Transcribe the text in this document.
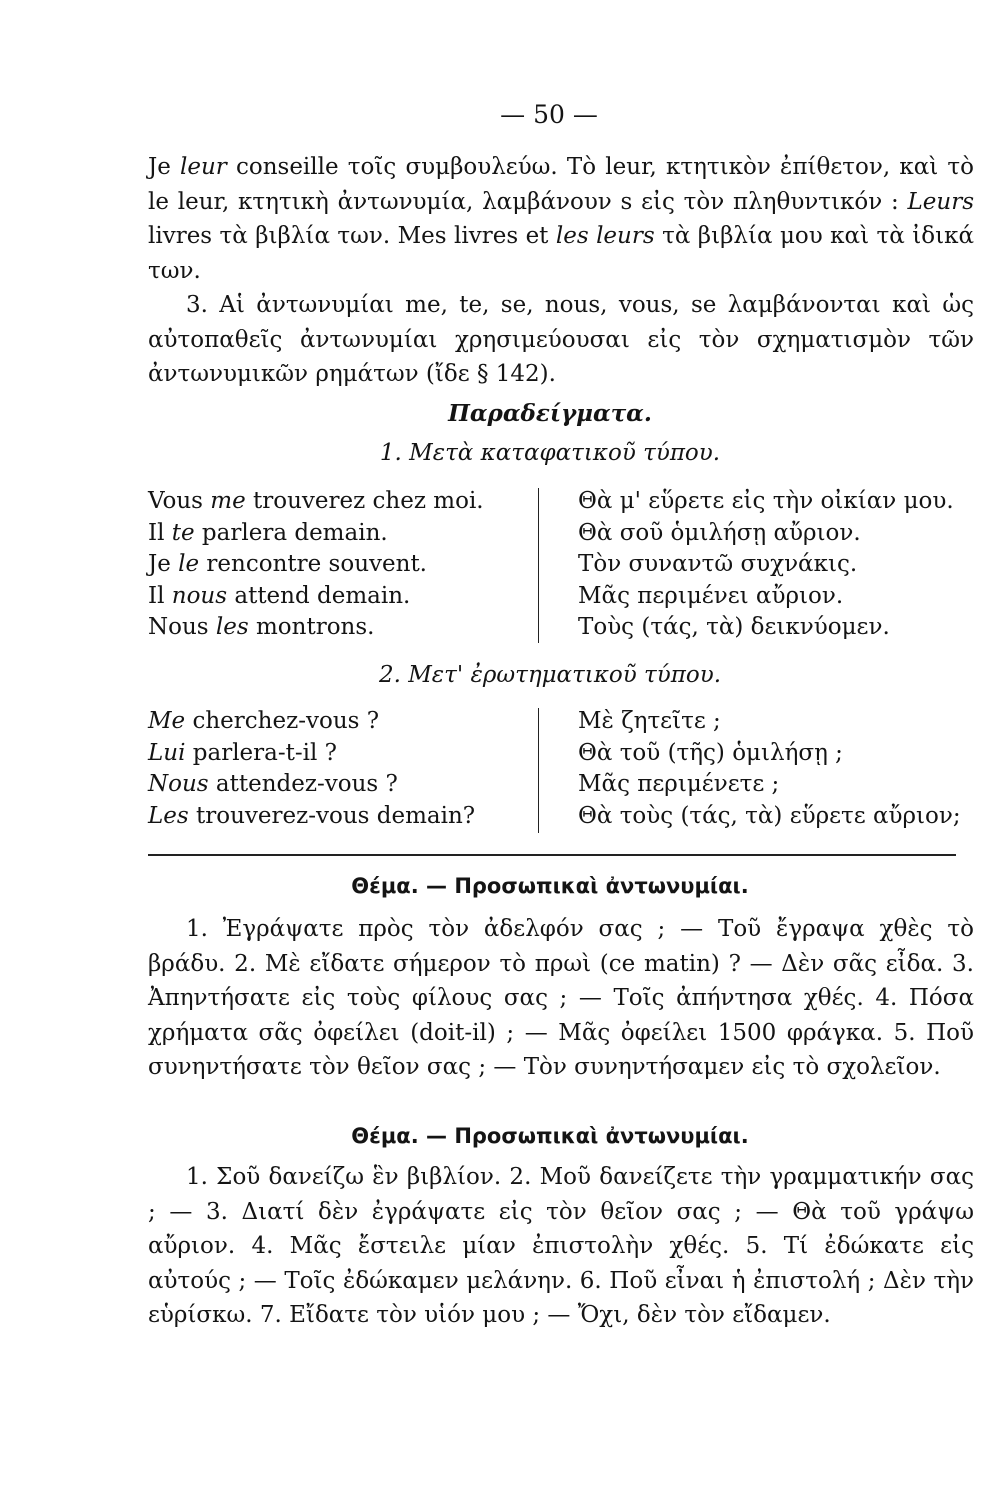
— 50 —

Je leur conseille τοῖς συμβουλεύω. Τὸ leur, κτητικὸν ἐπίθετον, καὶ τὸ le leur, κτητικὴ ἀντωνυμία, λαμβάνουν s εἰς τὸν πληθυντικόν : Leurs livres τὰ βιβλία των. Mes livres et les leurs τὰ βιβλία μου καὶ τὰ ἰδικά των.

3. Αἱ ἀντωνυμίαι me, te, se, nous, vous, se λαμβάνονται καὶ ὡς αὐτοπαθεῖς ἀντωνυμίαι χρησιμεύουσαι εἰς τὸν σχηματισμὸν τῶν ἀντωνυμικῶν ρημάτων (ἴδε § 142).

Παραδείγματα.
1. Μετὰ καταφατικοῦ τύπου.
Vous me trouverez chez moi.
Il te parlera demain.
Je le rencontre souvent.
Il nous attend demain.
Nous les montrons.
Θὰ μ' εὕρετε εἰς τὴν οἰκίαν μου.
Θὰ σοῦ ὁμιλήσῃ αὔριον.
Τὸν συναντῶ συχνάκις.
Μᾶς περιμένει αὔριον.
Τοὺς (τάς, τὰ) δεικνύομεν.
2. Μετ' ἐρωτηματικοῦ τύπου.
Me cherchez-vous ?
Lui parlera-t-il ?
Nous attendez-vous ?
Les trouverez-vous demain?
Μὲ ζητεῖτε ;
Θὰ τοῦ (τῆς) ὁμιλήσῃ ;
Μᾶς περιμένετε ;
Θὰ τοὺς (τάς, τὰ) εὕρετε αὔριον;
Θέμα. — Προσωπικαὶ ἀντωνυμίαι.

1. Ἐγράψατε πρὸς τὸν ἀδελφόν σας ; — Τοῦ ἔγραψα χθὲς τὸ βράδυ. 2. Μὲ εἴδατε σήμερον τὸ πρωὶ (ce matin) ? — Δὲν σᾶς εἶδα. 3. Ἀπηντήσατε εἰς τοὺς φίλους σας ; — Τοῖς ἀπήντησα χθές. 4. Πόσα χρήματα σᾶς ὀφείλει (doit-il) ; — Μᾶς ὀφείλει 1500 φράγκα. 5. Ποῦ συνηντήσατε τὸν θεῖον σας ; — Τὸν συνηντήσαμεν εἰς τὸ σχολεῖον.

Θέμα. — Προσωπικαὶ ἀντωνυμίαι.

1. Σοῦ δανείζω ἓν βιβλίον. 2. Μοῦ δανείζετε τὴν γραμματικήν σας ; — 3. Διατί δὲν ἐγράψατε εἰς τὸν θεῖον σας ; — Θὰ τοῦ γράψω αὔριον. 4. Μᾶς ἔστειλε μίαν ἐπιστολὴν χθές. 5. Τί ἐδώκατε εἰς αὐτούς ; — Τοῖς ἐδώκαμεν μελάνην. 6. Ποῦ εἶναι ἡ ἐπιστολή ; Δὲν τὴν εὑρίσκω. 7. Εἴδατε τὸν υἱόν μου ; — Ὄχι, δὲν τὸν εἴδαμεν.
